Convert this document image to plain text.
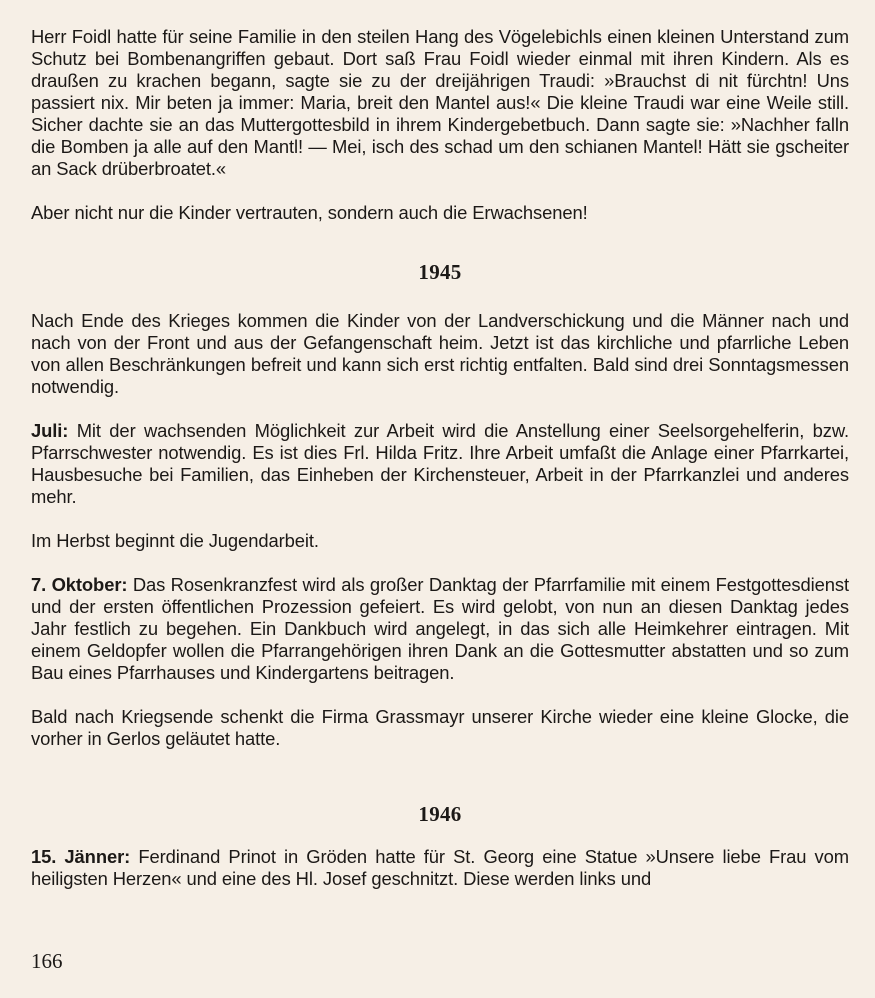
Herr Foidl hatte für seine Familie in den steilen Hang des Vögelebichls einen kleinen Unterstand zum Schutz bei Bombenangriffen gebaut. Dort saß Frau Foidl wieder einmal mit ihren Kindern. Als es draußen zu krachen begann, sagte sie zu der dreijährigen Traudi: »Brauchst di nit fürchtn! Uns passiert nix. Mir beten ja immer: Maria, breit den Mantel aus!« Die kleine Traudi war eine Weile still. Sicher dachte sie an das Muttergottesbild in ihrem Kindergebetbuch. Dann sagte sie: »Nachher falln die Bomben ja alle auf den Mantl! — Mei, isch des schad um den schianen Mantel! Hätt sie gscheiter an Sack drüberbroatet.«

Aber nicht nur die Kinder vertrauten, sondern auch die Erwachsenen!

1945

Nach Ende des Krieges kommen die Kinder von der Landverschickung und die Männer nach und nach von der Front und aus der Gefangenschaft heim. Jetzt ist das kirchliche und pfarrliche Leben von allen Beschränkungen befreit und kann sich erst richtig entfalten. Bald sind drei Sonntagsmessen notwendig.

Juli: Mit der wachsenden Möglichkeit zur Arbeit wird die Anstellung einer Seelsorgehelferin, bzw. Pfarrschwester notwendig. Es ist dies Frl. Hilda Fritz. Ihre Arbeit umfaßt die Anlage einer Pfarrkartei, Hausbesuche bei Familien, das Einheben der Kirchensteuer, Arbeit in der Pfarrkanzlei und anderes mehr.

Im Herbst beginnt die Jugendarbeit.

7. Oktober: Das Rosenkranzfest wird als großer Danktag der Pfarrfamilie mit einem Festgottesdienst und der ersten öffentlichen Prozession gefeiert. Es wird gelobt, von nun an diesen Danktag jedes Jahr festlich zu begehen. Ein Dankbuch wird angelegt, in das sich alle Heimkehrer eintragen. Mit einem Geldopfer wollen die Pfarrangehörigen ihren Dank an die Gottesmutter abstatten und so zum Bau eines Pfarrhauses und Kindergartens beitragen.

Bald nach Kriegsende schenkt die Firma Grassmayr unserer Kirche wieder eine kleine Glocke, die vorher in Gerlos geläutet hatte.

1946

15. Jänner: Ferdinand Prinot in Gröden hatte für St. Georg eine Statue »Unsere liebe Frau vom heiligsten Herzen« und eine des Hl. Josef geschnitzt. Diese werden links und

166
